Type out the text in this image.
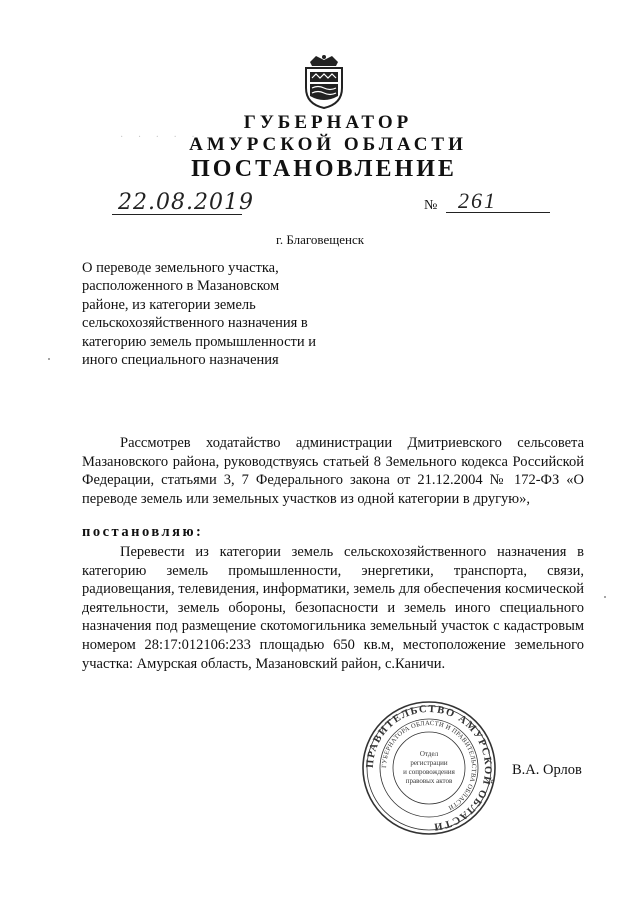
· · · · ·
ГУБЕРНАТОР
АМУРСКОЙ ОБЛАСТИ
ПОСТАНОВЛЕНИЕ
22.08.2019	№ 261
г. Благовещенск
О переводе земельного участка, расположенного в Мазановском районе, из категории земель сельскохозяйственного назначения в категорию земель промышленности и иного специального назначения
Рассмотрев ходатайство администрации Дмитриевского сельсовета Мазановского района, руководствуясь статьей 8 Земельного кодекса Российской Федерации, статьями 3, 7 Федерального закона от 21.12.2004 № 172-ФЗ «О переводе земель или земельных участков из одной категории в другую»,
постановляю:
Перевести из категории земель сельскохозяйственного назначения в категорию земель промышленности, энергетики, транспорта, связи, радиовещания, телевидения, информатики, земель для обеспечения космической деятельности, земель обороны, безопасности и земель иного специального назначения под размещение скотомогильника земельный участок с кадастровым номером 28:17:012106:233 площадью 650 кв.м, местоположение земельного участка: Амурская область, Мазановский район, с.Каничи.
ПРАВИТЕЛЬСТВО АМУРСКОЙ ОБЛАСТИ
ГУБЕРНАТОРА ОБЛАСТИ И ПРАВИТЕЛЬСТВА ОБЛАСТИ
Отдел
регистрации
и сопровождения
правовых актов
В.А. Орлов
